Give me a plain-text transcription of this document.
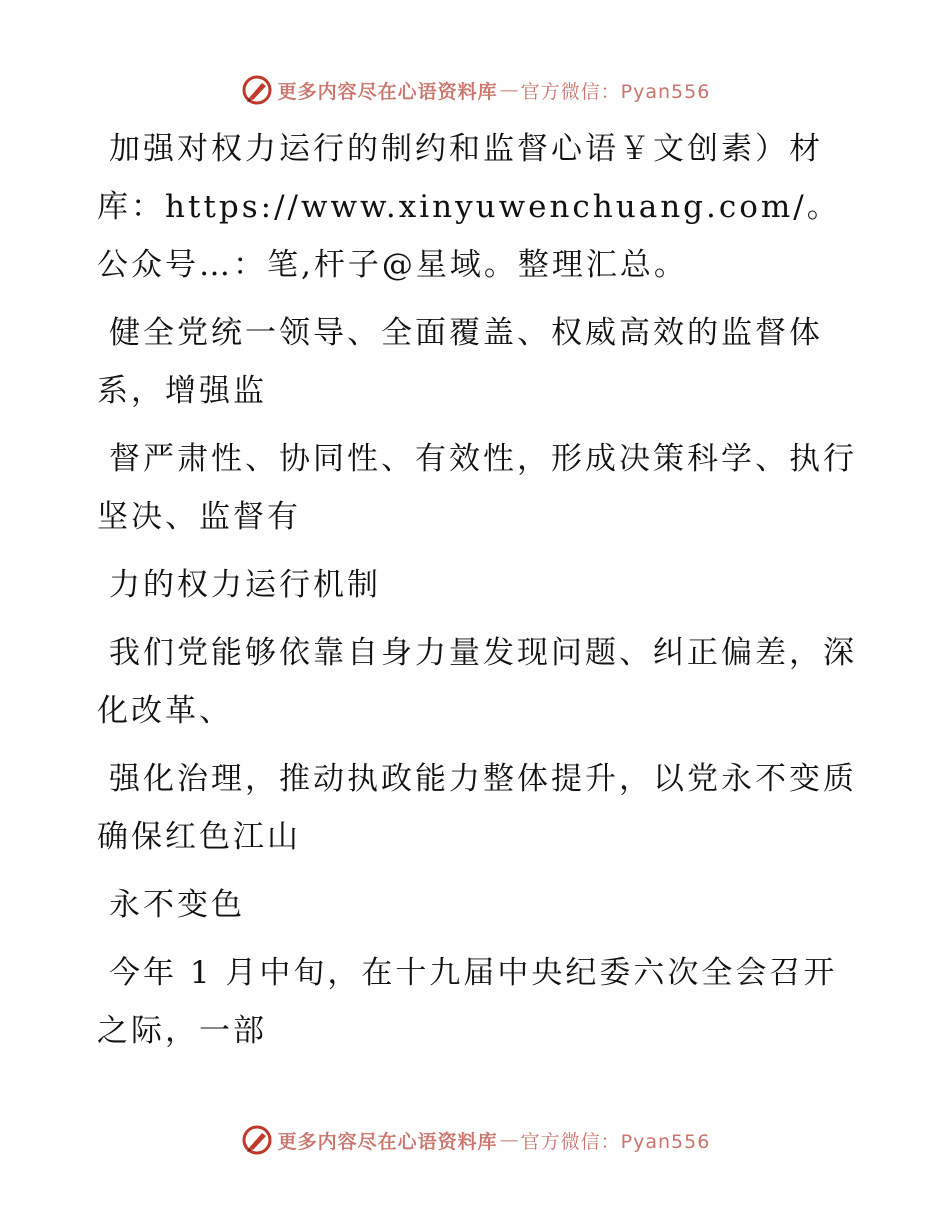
更多内容尽在心语资料库 — 官方微信：Pyan556

加强对权力运行的制约和监督心语￥文创素）材库：https://www.xinyuwenchuang.com/。公众号…：笔,杆子@星域。整理汇总。

健全党统一领导、全面覆盖、权威高效的监督体系，增强监

督严肃性、协同性、有效性，形成决策科学、执行坚决、监督有

力的权力运行机制

我们党能够依靠自身力量发现问题、纠正偏差，深化改革、

强化治理，推动执政能力整体提升，以党永不变质确保红色江山

永不变色

今年 1 月中旬，在十九届中央纪委六次全会召开之际，一部

更多内容尽在心语资料库 — 官方微信：Pyan556
